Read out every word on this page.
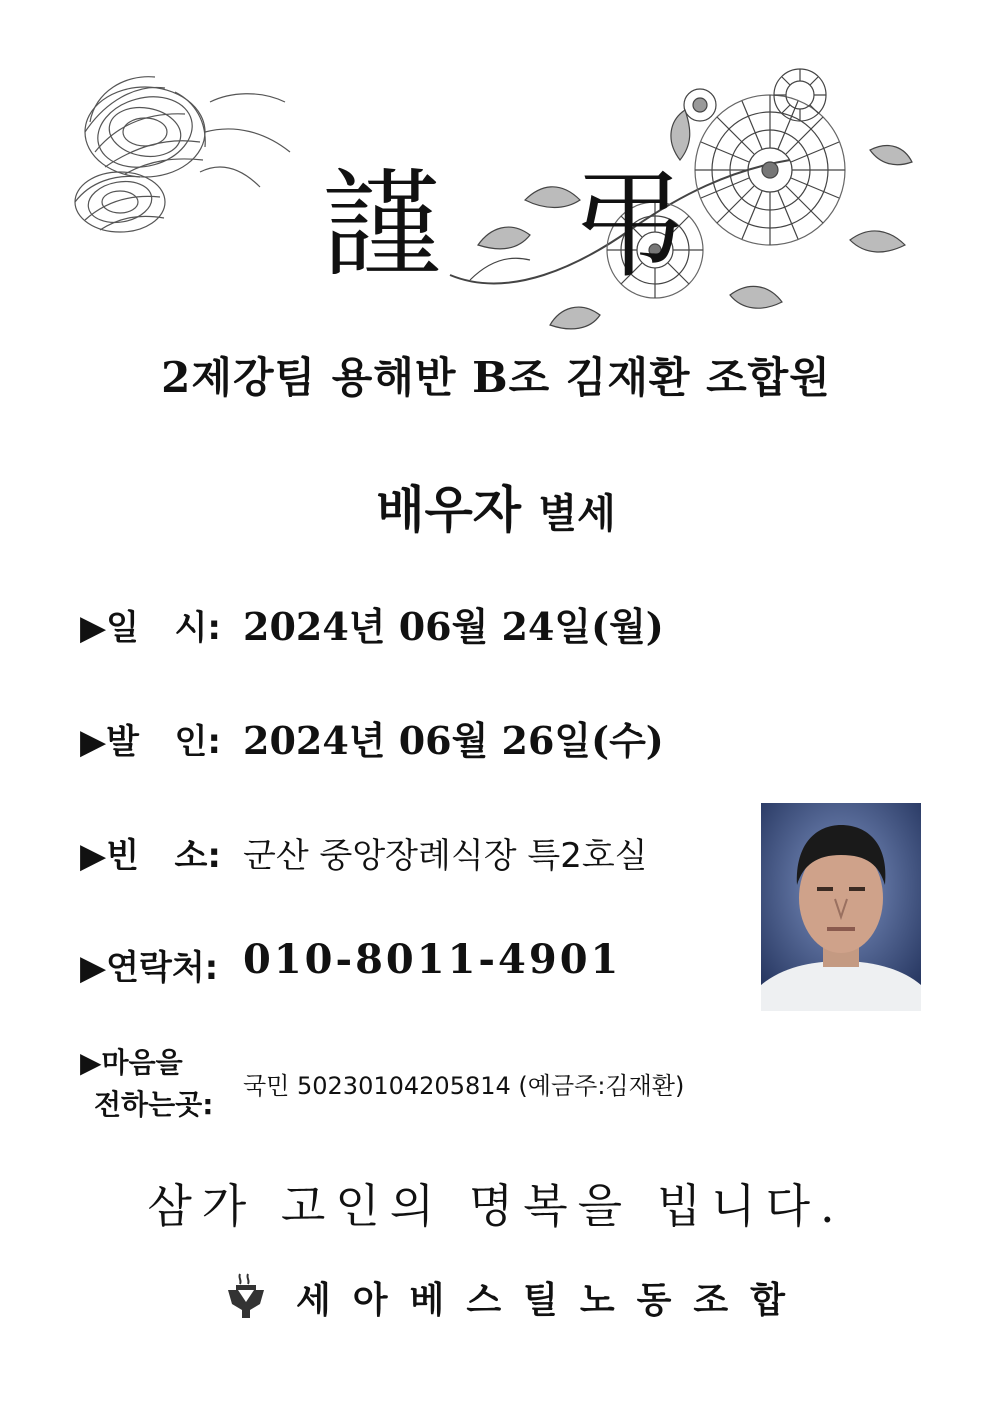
謹 弔
2제강팀 용해반 B조 김재환 조합원
배우자 별세
▶일   시: 2024년 06월 24일(월)
▶발   인: 2024년 06월 26일(수)
▶빈   소: 군산 중앙장례식장 특2호실
▶연락처: 010-8011-4901
▶마음을
전하는곳:
국민 50230104205814 (예금주:김재환)
삼가 고인의 명복을 빕니다.
세아베스틸노동조합
